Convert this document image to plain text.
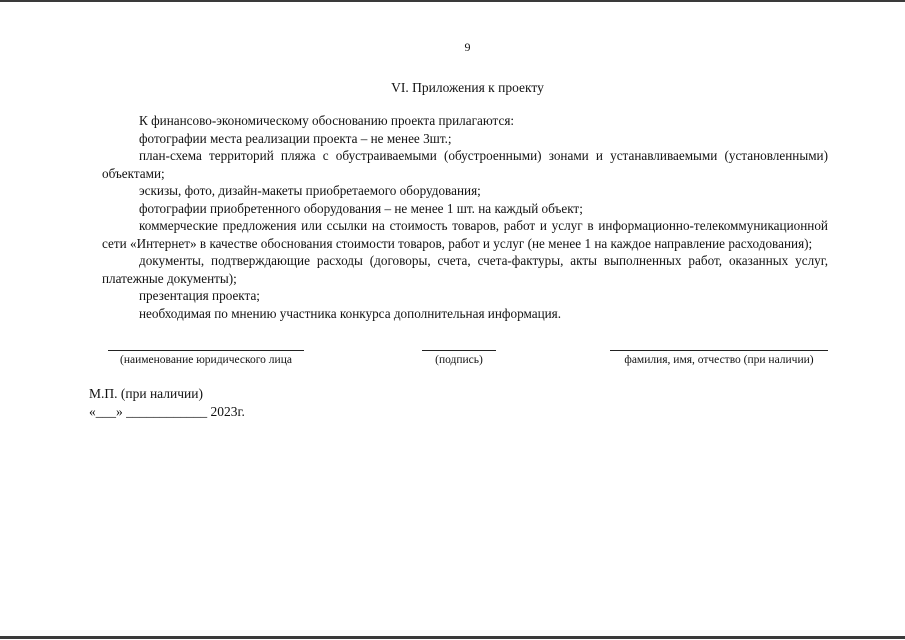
9
VI. Приложения к проекту

К финансово-экономическому обоснованию проекта прилагаются:

фотографии места реализации проекта – не менее 3шт.;

план-схема территорий пляжа с обустраиваемыми (обустроенными) зонами и устанавливаемыми (установленными) объектами;

эскизы, фото, дизайн-макеты приобретаемого оборудования;

фотографии приобретенного оборудования – не менее 1 шт. на каждый объект;

коммерческие предложения или ссылки на стоимость товаров, работ и услуг в информационно-телекоммуникационной сети «Интернет» в качестве обоснования стоимости товаров, работ и услуг (не менее 1 на каждое направление расходования);

документы, подтверждающие расходы (договоры, счета, счета-фактуры, акты выполненных работ, оказанных услуг, платежные документы);

презентация проекта;

необходимая по мнению участника конкурса дополнительная информация.

(наименование юридического лица	(подпись)	фамилия, имя, отчество (при наличии)
М.П. (при наличии)
«___» ____________ 2023г.
